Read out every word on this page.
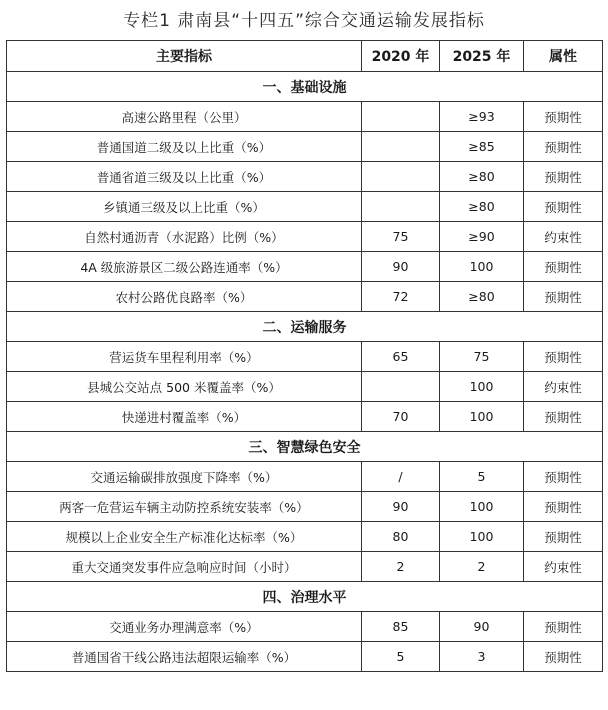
专栏1 肃南县“十四五”综合交通运输发展指标
主要指标	2020 年	2025 年	属性
一、基础设施			
高速公路里程（公里）		≥93	预期性
普通国道二级及以上比重（%）		≥85	预期性
普通省道三级及以上比重（%）		≥80	预期性
乡镇通三级及以上比重（%）		≥80	预期性
自然村通沥青（水泥路）比例（%）	75	≥90	约束性
4A 级旅游景区二级公路连通率（%）	90	100	预期性
农村公路优良路率（%）	72	≥80	预期性
二、运输服务			
营运货车里程利用率（%）	65	75	预期性
县城公交站点 500 米覆盖率（%）		100	约束性
快递进村覆盖率（%）	70	100	预期性
三、智慧绿色安全			
交通运输碳排放强度下降率（%）	/	5	预期性
两客一危营运车辆主动防控系统安装率（%）	90	100	预期性
规模以上企业安全生产标准化达标率（%）	80	100	预期性
重大交通突发事件应急响应时间（小时）	2	2	约束性
四、治理水平			
交通业务办理满意率（%）	85	90	预期性
普通国省干线公路违法超限运输率（%）	5	3	预期性
